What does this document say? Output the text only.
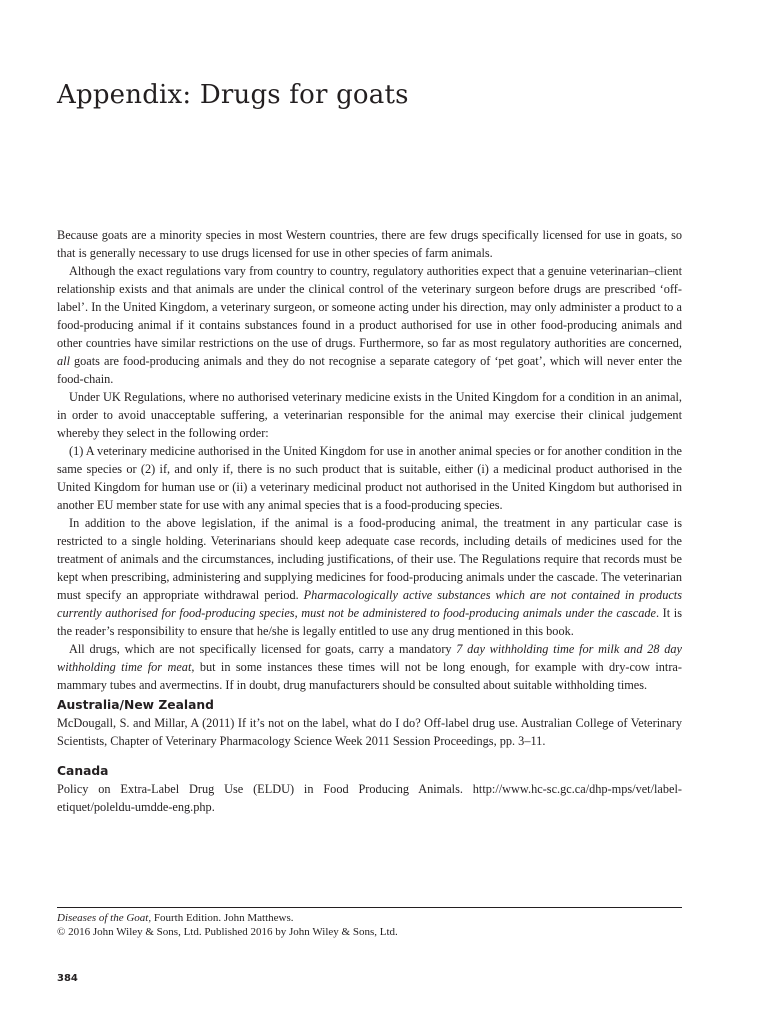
Appendix: Drugs for goats

Because goats are a minority species in most Western countries, there are few drugs specifically licensed for use in goats, so that is generally necessary to use drugs licensed for use in other species of farm animals.

Although the exact regulations vary from country to country, regulatory authorities expect that a genuine veterinarian–client relationship exists and that animals are under the clinical control of the veterinary surgeon before drugs are prescribed ‘off-label’. In the United Kingdom, a veterinary surgeon, or someone acting under his direction, may only administer a product to a food-producing animal if it contains substances found in a product authorised for use in other food-producing animals and other countries have similar restrictions on the use of drugs. Furthermore, so far as most regulatory authorities are concerned, all goats are food-producing animals and they do not recognise a separate category of ‘pet goat’, which will never enter the food-chain.

Under UK Regulations, where no authorised veterinary medicine exists in the United Kingdom for a condition in an animal, in order to avoid unacceptable suffering, a veterinarian responsible for the animal may exercise their clinical judgement whereby they select in the following order:

(1) A veterinary medicine authorised in the United Kingdom for use in another animal species or for another condition in the same species or (2) if, and only if, there is no such product that is suitable, either (i) a medicinal product authorised in the United Kingdom for human use or (ii) a veterinary medicinal product not authorised in the United Kingdom but authorised in another EU member state for use with any animal species that is a food-producing species.

In addition to the above legislation, if the animal is a food-producing animal, the treatment in any particular case is restricted to a single holding. Veterinarians should keep adequate case records, including details of medicines used for the treatment of animals and the circumstances, including justifications, of their use. The Regulations require that records must be kept when prescribing, administering and supplying medicines for food-producing animals under the cascade. The veterinarian must specify an appropriate withdrawal period. Pharmacologically active substances which are not contained in products currently authorised for food-producing species, must not be administered to food-producing animals under the cascade. It is the reader’s responsibility to ensure that he/she is legally entitled to use any drug mentioned in this book.

All drugs, which are not specifically licensed for goats, carry a mandatory 7 day withholding time for milk and 28 day withholding time for meat, but in some instances these times will not be long enough, for example with dry-cow intra-mammary tubes and avermectins. If in doubt, drug manufacturers should be consulted about suitable withholding times.

Australia/New Zealand

McDougall, S. and Millar, A (2011) If it’s not on the label, what do I do? Off-label drug use. Australian College of Veterinary Scientists, Chapter of Veterinary Pharmacology Science Week 2011 Session Proceedings, pp. 3–11.

Canada

Policy on Extra-Label Drug Use (ELDU) in Food Producing Animals. http://www.hc-sc.gc.ca/dhp-mps/vet/label-etiquet/poleldu-umdde-eng.php.

Diseases of the Goat, Fourth Edition. John Matthews.
© 2016 John Wiley & Sons, Ltd. Published 2016 by John Wiley & Sons, Ltd.
384
